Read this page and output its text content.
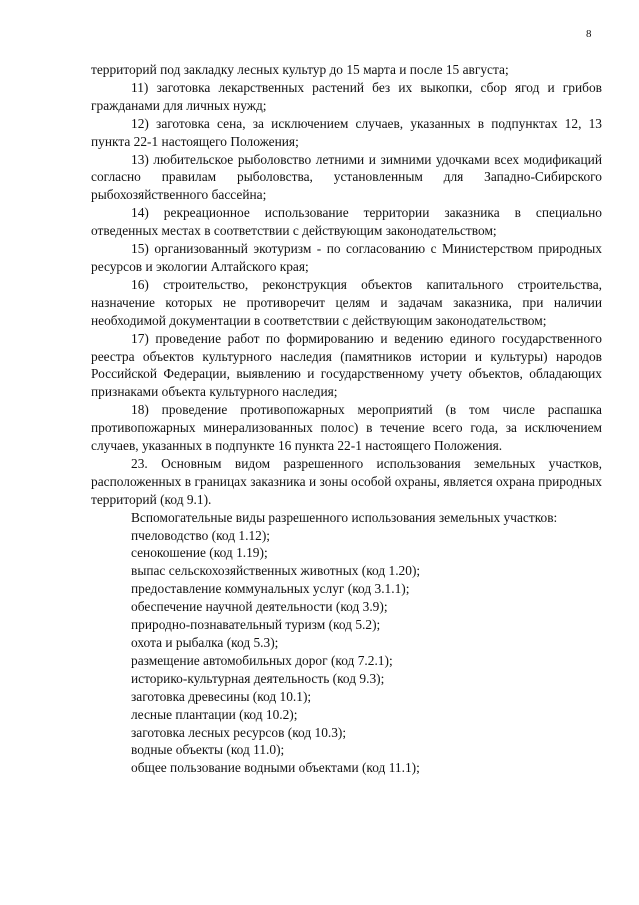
8

территорий под закладку лесных культур до 15 марта и после 15 августа;

11) заготовка лекарственных растений без их выкопки, сбор ягод и грибов гражданами для личных нужд;

12) заготовка сена, за исключением случаев, указанных в подпунктах 12, 13 пункта 22-1 настоящего Положения;

13) любительское рыболовство летними и зимними удочками всех модификаций согласно правилам рыболовства, установленным для Западно-Сибирского рыбохозяйственного бассейна;

14) рекреационное использование территории заказника в специально отведенных местах в соответствии с действующим законодательством;

15) организованный экотуризм - по согласованию с Министерством природных ресурсов и экологии Алтайского края;

16) строительство, реконструкция объектов капитального строительства, назначение которых не противоречит целям и задачам заказника, при наличии необходимой документации в соответствии с действующим законодательством;

17) проведение работ по формированию и ведению единого государственного реестра объектов культурного наследия (памятников истории и культуры) народов Российской Федерации, выявлению и государственному учету объектов, обладающих признаками объекта культурного наследия;

18) проведение противопожарных мероприятий (в том числе распашка противопожарных минерализованных полос) в течение всего года, за исключением случаев, указанных в подпункте 16 пункта 22-1 настоящего Положения.

23. Основным видом разрешенного использования земельных участков, расположенных в границах заказника и зоны особой охраны, является охрана природных территорий (код 9.1).

Вспомогательные виды разрешенного использования земельных участков:

пчеловодство (код 1.12);

сенокошение (код 1.19);

выпас сельскохозяйственных животных (код 1.20);

предоставление коммунальных услуг (код 3.1.1);

обеспечение научной деятельности (код 3.9);

природно-познавательный туризм (код 5.2);

охота и рыбалка (код 5.3);

размещение автомобильных дорог (код 7.2.1);

историко-культурная деятельность (код 9.3);

заготовка древесины (код 10.1);

лесные плантации (код 10.2);

заготовка лесных ресурсов (код 10.3);

водные объекты (код 11.0);

общее пользование водными объектами (код 11.1);
